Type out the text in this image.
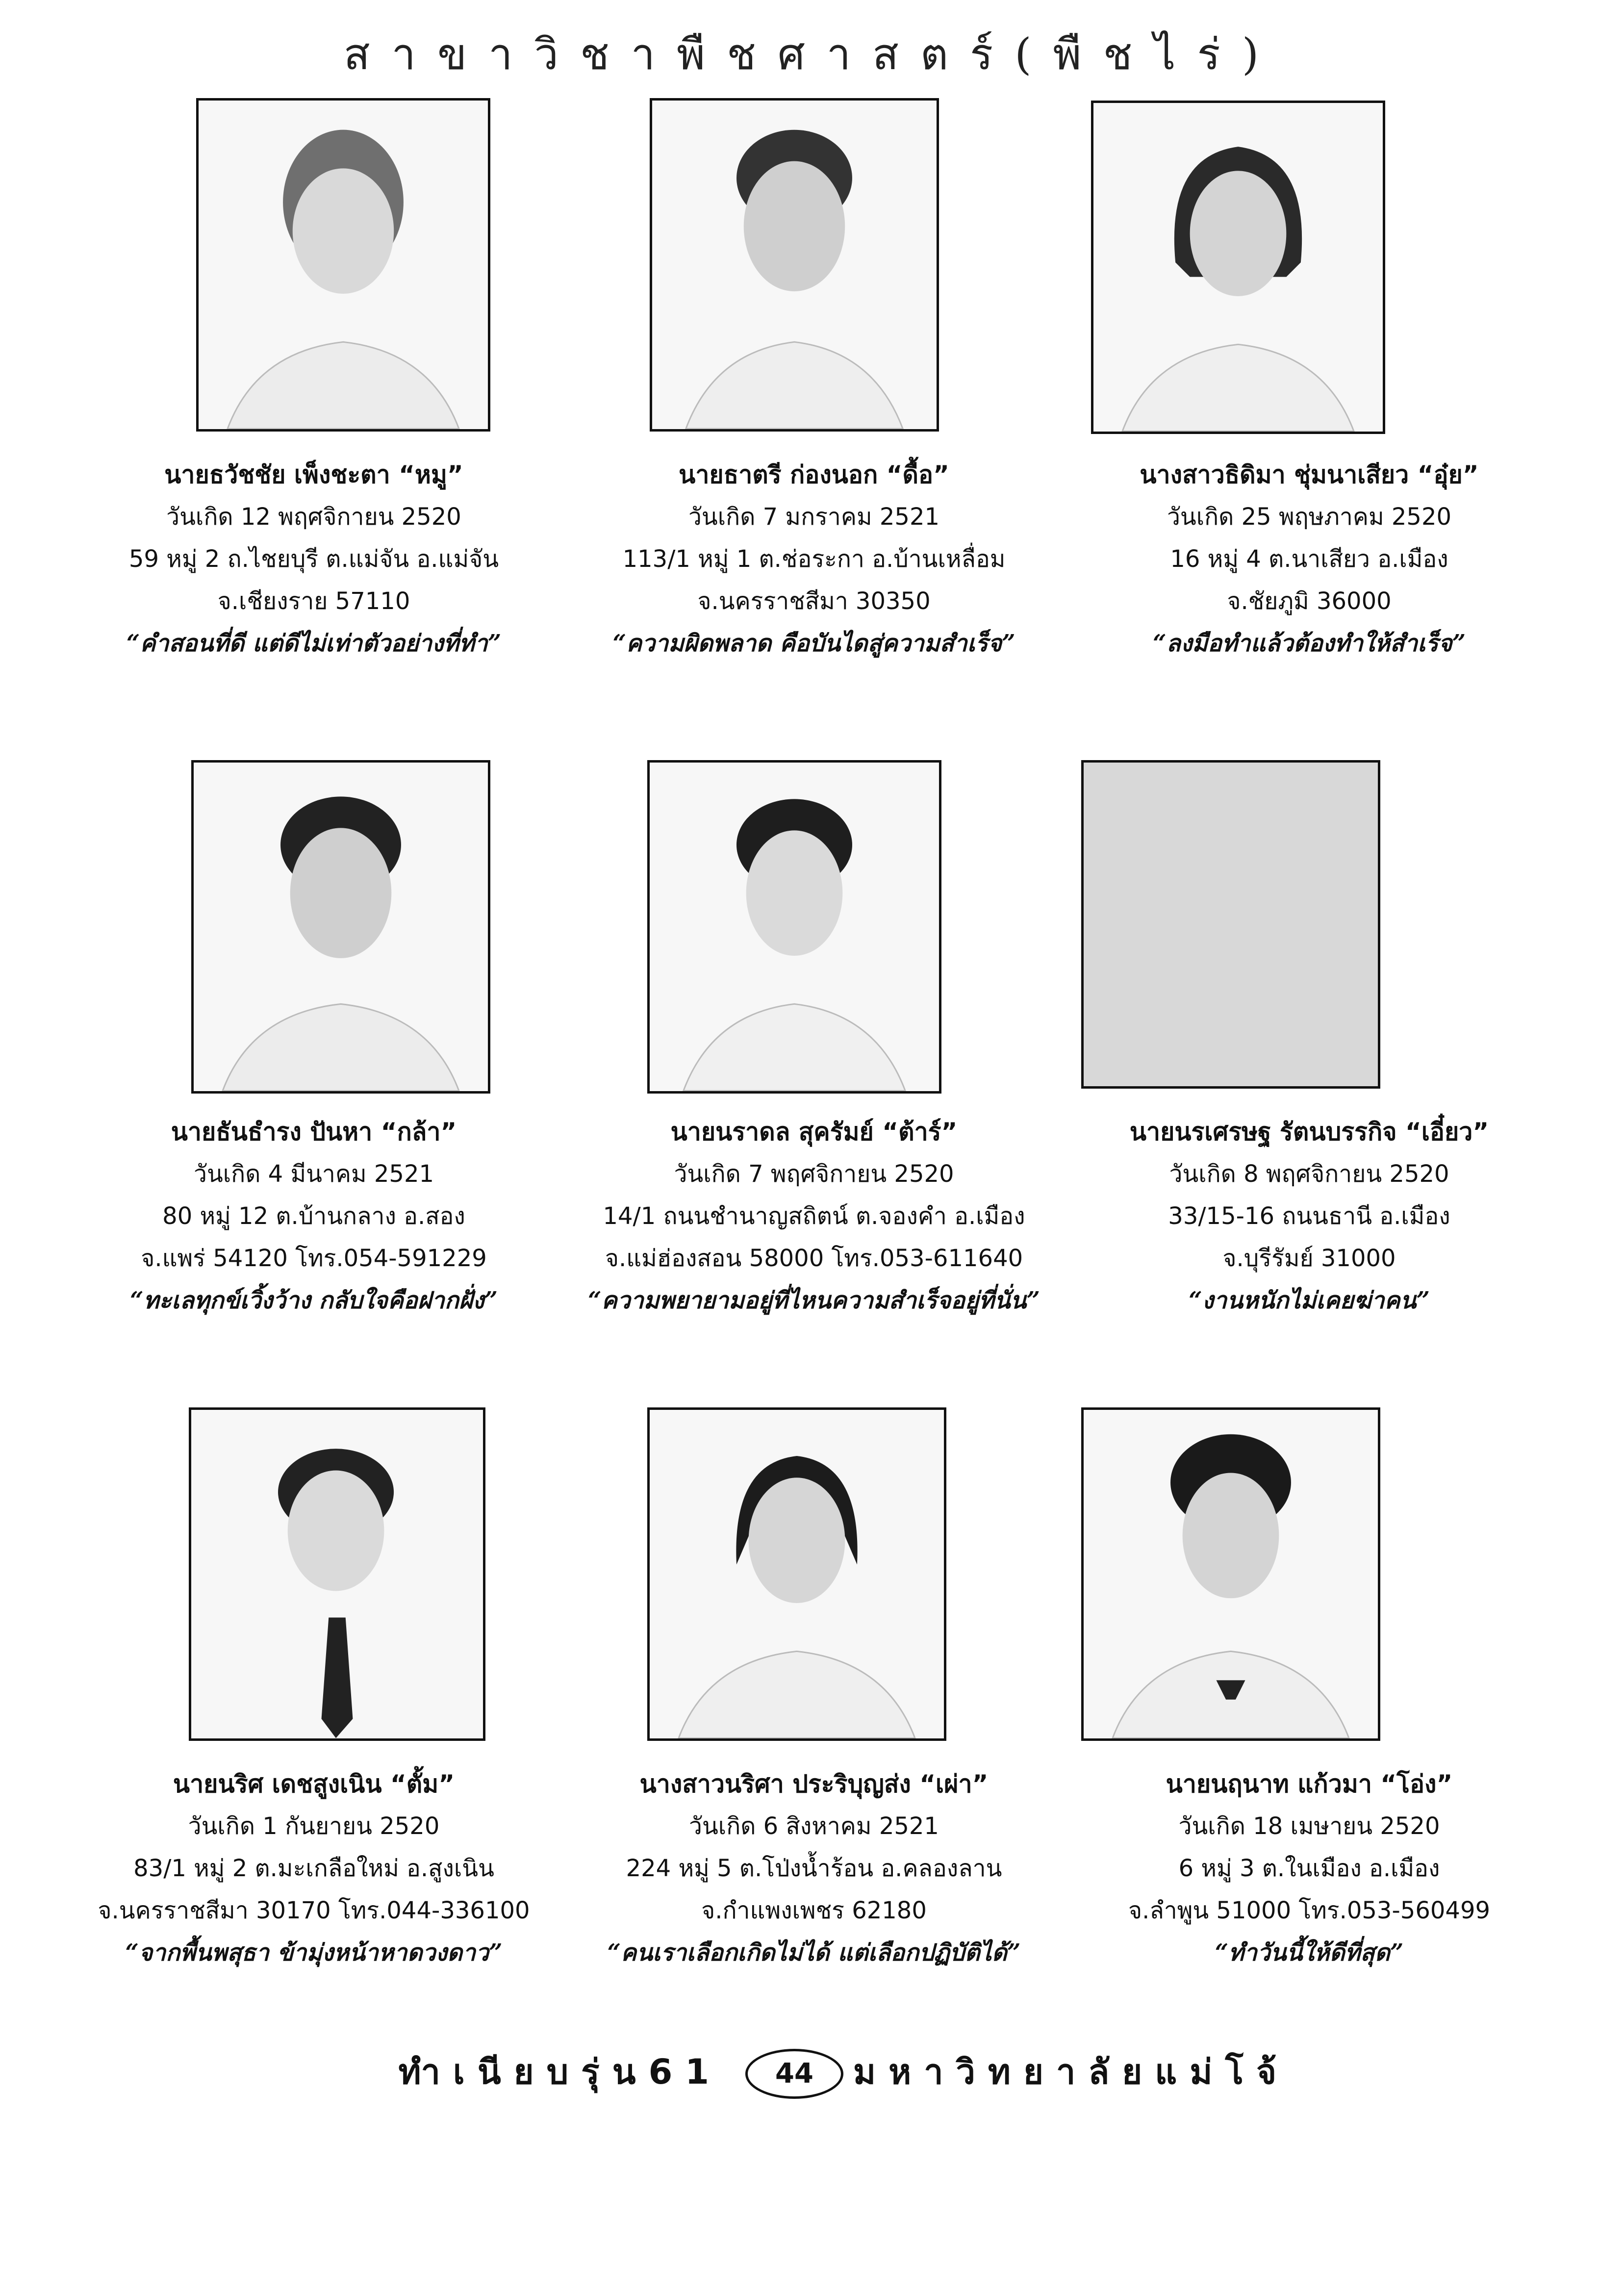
สาขาวิชาพืชศาสตร์(พืชไร่)
นายธวัชชัย เพ็งชะตา “หมู”
วันเกิด 12 พฤศจิกายน 2520
59 หมู่ 2 ถ.ไชยบุรี ต.แม่จัน อ.แม่จัน
จ.เชียงราย 57110
“คำสอนที่ดี แต่ดีไม่เท่าตัวอย่างที่ทำ”
นายธาตรี ก่องนอก “ดื้อ”
วันเกิด 7 มกราคม 2521
113/1 หมู่ 1 ต.ช่อระกา อ.บ้านเหลื่อม
จ.นครราชสีมา 30350
“ความผิดพลาด คือบันไดสู่ความสำเร็จ”
นางสาวธิดิมา ชุ่มนาเสียว “อุ๋ย”
วันเกิด 25 พฤษภาคม 2520
16 หมู่ 4 ต.นาเสียว อ.เมือง
จ.ชัยภูมิ 36000
“ลงมือทำแล้วต้องทำให้สำเร็จ”
นายธันธำรง ปันหา “กล้า”
วันเกิด 4 มีนาคม 2521
80 หมู่ 12 ต.บ้านกลาง อ.สอง
จ.แพร่ 54120 โทร.054-591229
“ทะเลทุกข์เวิ้งว้าง กลับใจคือฝากฝั่ง”
นายนราดล สุครัมย์ “ต้าร์”
วันเกิด 7 พฤศจิกายน 2520
14/1 ถนนชำนาญสถิตน์ ต.จองคำ อ.เมือง
จ.แม่ฮ่องสอน 58000 โทร.053-611640
“ความพยายามอยู่ที่ไหนความสำเร็จอยู่ที่นั่น”
นายนรเศรษฐ รัตนบรรกิจ “เอี๋ยว”
วันเกิด 8 พฤศจิกายน 2520
33/15-16 ถนนธานี อ.เมือง
จ.บุรีรัมย์ 31000
“งานหนักไม่เคยฆ่าคน”
นายนริศ เดชสูงเนิน “ตั้ม”
วันเกิด 1 กันยายน 2520
83/1 หมู่ 2 ต.มะเกลือใหม่ อ.สูงเนิน
จ.นครราชสีมา 30170 โทร.044-336100
“จากพื้นพสุธา ข้ามุ่งหน้าหาดวงดาว”
นางสาวนริศา ประริบุญส่ง “เผ่า”
วันเกิด 6 สิงหาคม 2521
224 หมู่ 5 ต.โป่งน้ำร้อน อ.คลองลาน
จ.กำแพงเพชร 62180
“คนเราเลือกเกิดไม่ได้ แต่เลือกปฏิบัติได้”
นายนฤนาท แก้วมา “โอ่ง”
วันเกิด 18 เมษายน 2520
6 หมู่ 3 ต.ในเมือง อ.เมือง
จ.ลำพูน 51000 โทร.053-560499
“ทำวันนี้ให้ดีที่สุด”
ทำเนียบรุ่น61	44	มหาวิทยาลัยแม่โจ้
